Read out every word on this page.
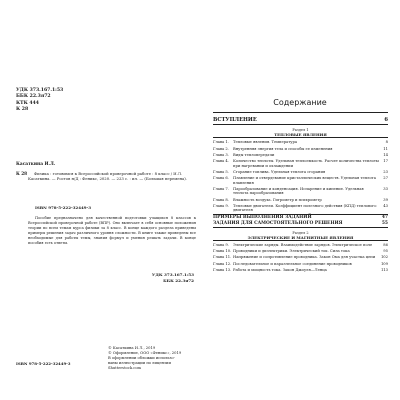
УДК 373.167.1:53
ББК 22.3я72
КТК 444
К 28
Касаткина И.Л.
К 28	Физика : готовимся к Всероссийской проверочной работе : 8 класс / И.Л. Касаткина. — Ростов н/Д : Феникс, 2020. — 223 с. : ил. — (Большая перемена).
ISBN 978-5-222-32449-3
Пособие предназначено для качественной подготовки учащихся 8 классов к Всероссийской проверочной работе (ВПР). Оно включает в себя основные положения теории по всем темам курса физики за 8 класс. В конце каждого раздела приведены примеры решения задач различного уровня сложности. В книге также приведены все необходимые для работы темы, знания формул и умения решать задачи. В конце пособия есть ответы.
УДК 373.167.1:53
ББК 22.3я72
© Касаткина И.Л., 2019
© Оформление, ООО «Феникс», 2019
В оформлении обложки использо-
ваны иллюстрации по лицензии
Shutterstock.com
ISBN 978-5-222-32449-3
Содержание
ВСТУПЛЕНИЕ	6
Раздел 1
ТЕПЛОВЫЕ ЯВЛЕНИЯ
Глава 1. Тепловые явления. Температура	8
Глава 2. Внутренняя энергия тела и способы ее изменения	11
Глава 3. Виды теплопередачи	14
Глава 4. Количество теплоты. Удельная теплоемкость. Расчет количества теплоты при нагревании и охлаждении
17
Глава 5. Сгорание топлива. Удельная теплота сгорания	23
Глава 6. Плавление и отвердевание кристаллических веществ. Удельная теплота плавления
27
Глава 7. Парообразование и конденсация. Испарение и кипение. Удельная теплота парообразования
33
Глава 8. Влажность воздуха. Гигрометр и психрометр	39
Глава 9. Тепловые двигатели. Коэффициент полезного действия (КПД) теплового двигателя
43
ПРИМЕРЫ ВЫПОЛНЕНИЯ ЗАДАНИЙ	47
ЗАДАНИЯ ДЛЯ САМОСТОЯТЕЛЬНОГО РЕШЕНИЯ	55
Раздел 2
ЭЛЕКТРИЧЕСКИЕ И МАГНИТНЫЕ ЯВЛЕНИЯ
Глава 9. Электрические заряды. Взаимодействие зарядов. Электрическое поле	86
Глава 10. Проводники и диэлектрики. Электрический ток. Сила тока	95
Глава 11. Напряжение и сопротивление проводника. Закон Ома для участка цепи	102
Глава 12. Последовательное и параллельное соединение проводников	109
Глава 13. Работа и мощность тока. Закон Джоуля—Ленца	113
